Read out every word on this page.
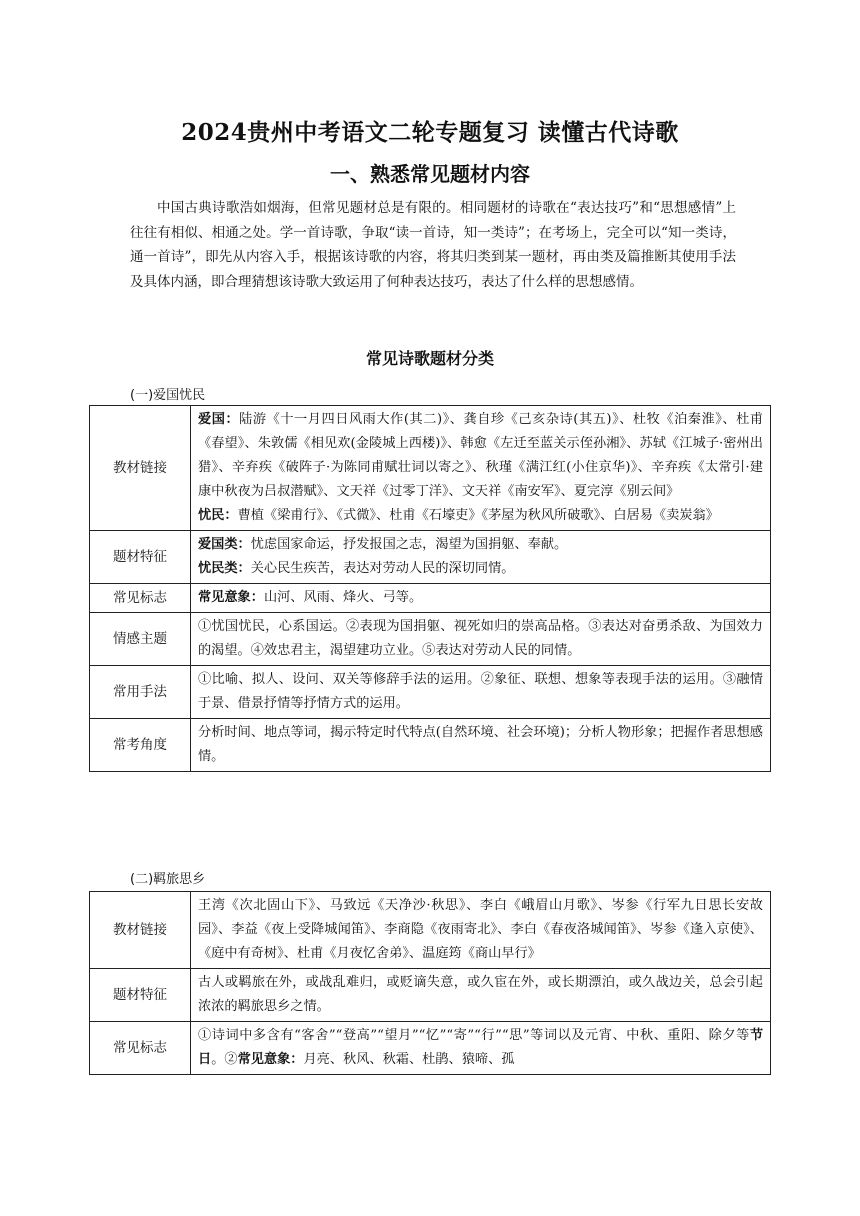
2024贵州中考语文二轮专题复习 读懂古代诗歌
一、熟悉常见题材内容
中国古典诗歌浩如烟海，但常见题材总是有限的。相同题材的诗歌在“表达技巧”和“思想感情”上往往有相似、相通之处。学一首诗歌，争取“读一首诗，知一类诗”；在考场上，完全可以“知一类诗，通一首诗”，即先从内容入手，根据该诗歌的内容，将其归类到某一题材，再由类及篇推断其使用手法及具体内涵，即合理猜想该诗歌大致运用了何种表达技巧，表达了什么样的思想感情。
常见诗歌题材分类
(一)爱国忧民
教材链接	爱国：陆游《十一月四日风雨大作(其二)》、龚自珍《己亥杂诗(其五)》、杜牧《泊秦淮》、杜甫《春望》、朱敦儒《相见欢(金陵城上西楼)》、韩愈《左迁至蓝关示侄孙湘》、苏轼《江城子·密州出猎》、辛弃疾《破阵子·为陈同甫赋壮词以寄之》、秋瑾《满江红(小住京华)》、辛弃疾《太常引·建康中秋夜为吕叔潜赋》、文天祥《过零丁洋》、文天祥《南安军》、夏完淳《别云间》
忧民：曹植《梁甫行》、《式微》、杜甫《石壕吏》《茅屋为秋风所破歌》、白居易《卖炭翁》
题材特征	爱国类：忧虑国家命运，抒发报国之志，渴望为国捐躯、奉献。
忧民类：关心民生疾苦，表达对劳动人民的深切同情。
常见标志	常见意象：山河、风雨、烽火、弓等。
情感主题	①忧国忧民，心系国运。②表现为国捐躯、视死如归的崇高品格。③表达对奋勇杀敌、为国效力的渴望。④效忠君主，渴望建功立业。⑤表达对劳动人民的同情。
常用手法	①比喻、拟人、设问、双关等修辞手法的运用。②象征、联想、想象等表现手法的运用。③融情于景、借景抒情等抒情方式的运用。
常考角度	分析时间、地点等词，揭示特定时代特点(自然环境、社会环境)；分析人物形象；把握作者思想感情。
(二)羁旅思乡
教材链接	王湾《次北固山下》、马致远《天净沙·秋思》、李白《峨眉山月歌》、岑参《行军九日思长安故园》、李益《夜上受降城闻笛》、李商隐《夜雨寄北》、李白《春夜洛城闻笛》、岑参《逢入京使》、《庭中有奇树》、杜甫《月夜忆舍弟》、温庭筠《商山早行》
题材特征	古人或羁旅在外，或战乱难归，或贬谪失意，或久宦在外，或长期漂泊，或久战边关，总会引起浓浓的羁旅思乡之情。
常见标志	①诗词中多含有“客舍”“登高”“望月”“忆”“寄”“行”“思”等词以及元宵、中秋、重阳、除夕等节日。②常见意象：月亮、秋风、秋霜、杜鹃、猿啼、孤
